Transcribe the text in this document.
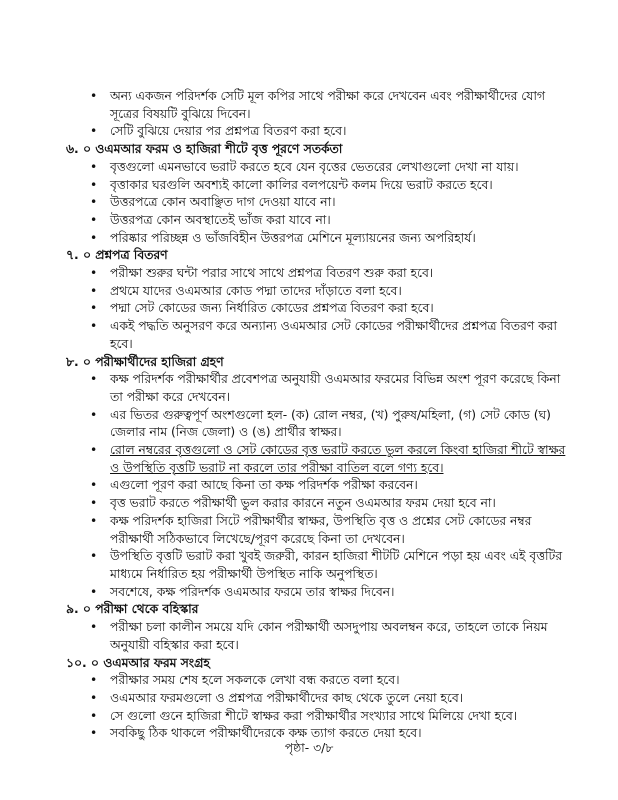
• অন্য একজন পরিদর্শক সেটি মূল কপির সাথে পরীক্ষা করে দেখবেন এবং পরীক্ষার্থীদের যোগ সূত্রের বিষয়টি বুঝিয়ে দিবেন।
• সেটি বুঝিয়ে দেয়ার পর প্রশ্নপত্র বিতরণ করা হবে।
৬. ০ ওএমআর ফরম ও হাজিরা শীটে বৃত্ত পূরণে সতর্কতা
• বৃত্তগুলো এমনভাবে ভরাট করতে হবে যেন বৃত্তের ভেতরের লেখাগুলো দেখা না যায়।
• বৃত্তাকার ঘরগুলি অবশ্যই কালো কালির বলপয়েন্ট কলম দিয়ে ভরাট করতে হবে।
• উত্তরপত্রে কোন অবাঞ্ছিত দাগ দেওয়া যাবে না।
• উত্তরপত্র কোন অবস্থাতেই ভাঁজ করা যাবে না।
• পরিষ্কার পরিচ্ছন্ন ও ভাঁজবিহীন উত্তরপত্র মেশিনে মূল্যায়নের জন্য অপরিহার্য।
৭. ০ প্রশ্নপত্র বিতরণ
• পরীক্ষা শুরুর ঘন্টা পরার সাথে সাথে প্রশ্নপত্র বিতরণ শুরু করা হবে।
• প্রথমে যাদের ওএমআর কোড পদ্মা তাদের দাঁড়াতে বলা হবে।
• পদ্মা সেট কোডের জন্য নির্ধারিত কোডের প্রশ্নপত্র বিতরণ করা হবে।
• একই পদ্ধতি অনুসরণ করে অন্যান্য ওএমআর সেট কোডের পরীক্ষার্থীদের প্রশ্নপত্র বিতরণ করা হবে।
৮. ০ পরীক্ষার্থীদের হাজিরা গ্রহণ
• কক্ষ পরিদর্শক পরীক্ষার্থীর প্রবেশপত্র অনুযায়ী ওএমআর ফরমের বিভিন্ন অংশ পূরণ করেছে কিনা তা পরীক্ষা করে দেখবেন।
• এর ভিতর গুরুত্বপূর্ণ অংশগুলো হল- (ক) রোল নম্বর, (খ) পুরুষ/মহিলা, (গ) সেট কোড (ঘ) জেলার নাম (নিজ জেলা) ও (ঙ) প্রার্থীর স্বাক্ষর।
• রোল নম্বরের বৃত্তগুলো ও সেট কোডের বৃত্ত ভরাট করতে ভুল করলে কিংবা হাজিরা শীটে স্বাক্ষর ও উপস্থিতি বৃত্তটি ভরাট না করলে তার পরীক্ষা বাতিল বলে গণ্য হবে।
• এগুলো পূরণ করা আছে কিনা তা কক্ষ পরিদর্শক পরীক্ষা করবেন।
• বৃত্ত ভরাট করতে পরীক্ষার্থী ভুল করার কারনে নতুন ওএমআর ফরম দেয়া হবে না।
• কক্ষ পরিদর্শক হাজিরা সিটে পরীক্ষার্থীর স্বাক্ষর, উপস্থিতি বৃত্ত ও প্রশ্নের সেট কোডের নম্বর পরীক্ষার্থী সঠিকভাবে লিখেছে/পূরণ করেছে কিনা তা দেখবেন।
• উপস্থিতি বৃত্তটি ভরাট করা খুবই জরুরী, কারন হাজিরা শীটটি মেশিনে পড়া হয় এবং এই বৃত্তটির মাধ্যমে নির্ধারিত হয় পরীক্ষার্থী উপস্থিত নাকি অনুপস্থিত।
• সবশেষে, কক্ষ পরিদর্শক ওএমআর ফরমে তার স্বাক্ষর দিবেন।
৯. ০ পরীক্ষা থেকে বহিস্কার
• পরীক্ষা চলা কালীন সময়ে যদি কোন পরীক্ষার্থী অসদুপায় অবলম্বন করে, তাহলে তাকে নিয়ম অনুযায়ী বহিস্কার করা হবে।
১০. ০ ওএমআর ফরম সংগ্রহ
• পরীক্ষার সময় শেষ হলে সকলকে লেখা বন্ধ করতে বলা হবে।
• ওএমআর ফরমগুলো ও প্রশ্নপত্র পরীক্ষার্থীদের কাছ থেকে তুলে নেয়া হবে।
• সে গুলো গুনে হাজিরা শীটে স্বাক্ষর করা পরীক্ষার্থীর সংখ্যার সাথে মিলিয়ে দেখা হবে।
• সবকিছু ঠিক থাকলে পরীক্ষার্থীদেরকে কক্ষ ত্যাগ করতে দেয়া হবে।
পৃষ্ঠা- ৩/৮
